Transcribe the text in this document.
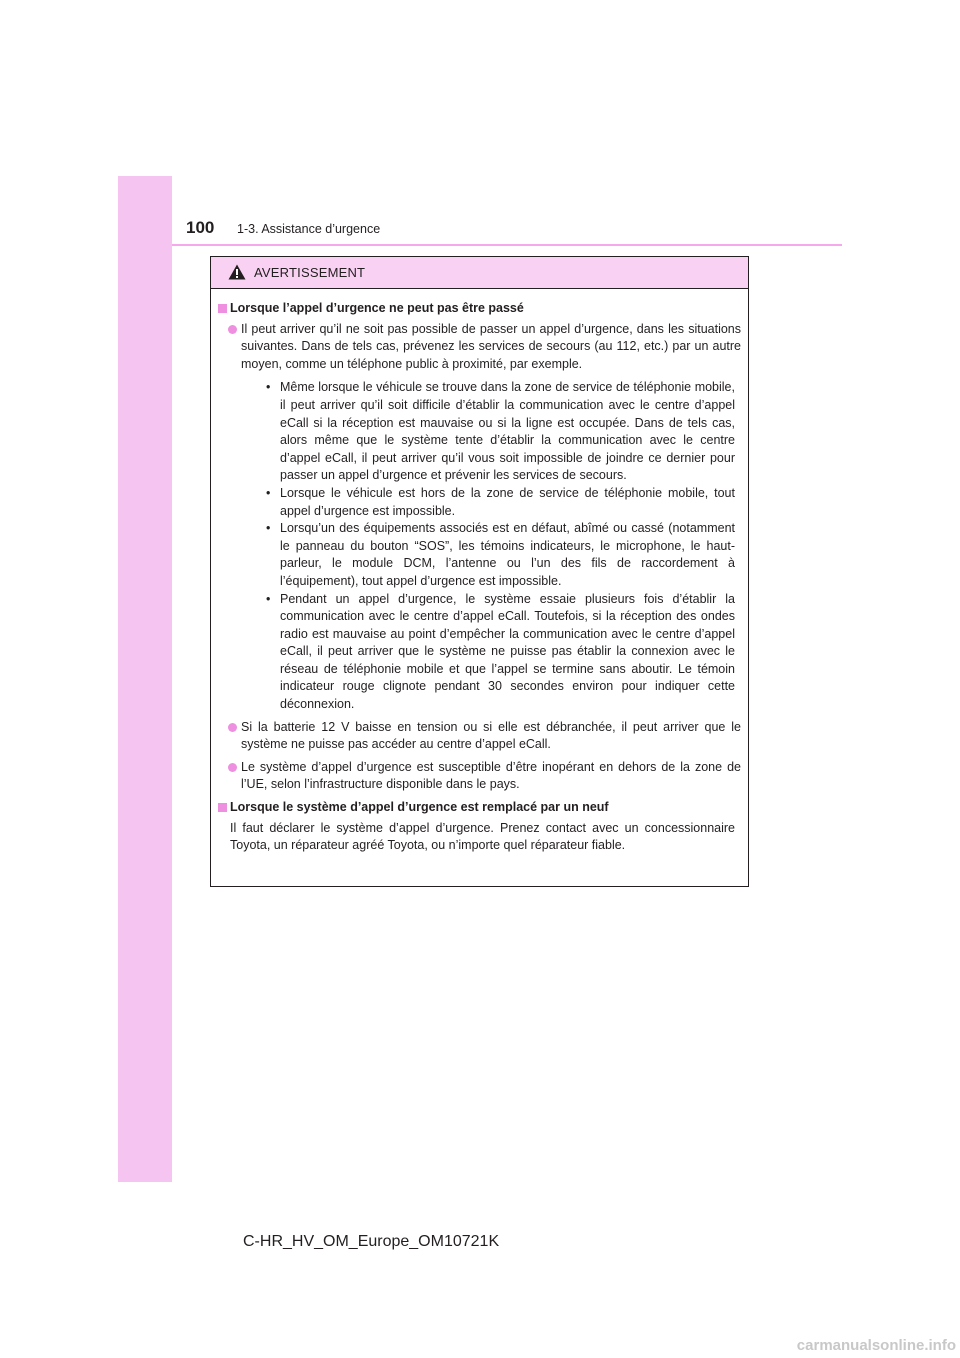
100 1-3. Assistance d’urgence
AVERTISSEMENT
Lorsque l’appel d’urgence ne peut pas être passé
Il peut arriver qu’il ne soit pas possible de passer un appel d’urgence, dans les situations suivantes. Dans de tels cas, prévenez les services de secours (au 112, etc.) par un autre moyen, comme un téléphone public à proximité, par exemple.
• Même lorsque le véhicule se trouve dans la zone de service de téléphonie mobile, il peut arriver qu’il soit difficile d’établir la communication avec le centre d’appel eCall si la réception est mauvaise ou si la ligne est occupée. Dans de tels cas, alors même que le système tente d’établir la communication avec le centre d’appel eCall, il peut arriver qu’il vous soit impossible de joindre ce dernier pour passer un appel d’urgence et prévenir les services de secours.
• Lorsque le véhicule est hors de la zone de service de téléphonie mobile, tout appel d’urgence est impossible.
• Lorsqu’un des équipements associés est en défaut, abîmé ou cassé (notamment le panneau du bouton “SOS”, les témoins indicateurs, le microphone, le haut-parleur, le module DCM, l’antenne ou l’un des fils de raccordement à l’équipement), tout appel d’urgence est impossible.
• Pendant un appel d’urgence, le système essaie plusieurs fois d’établir la communication avec le centre d’appel eCall. Toutefois, si la réception des ondes radio est mauvaise au point d’empêcher la communication avec le centre d’appel eCall, il peut arriver que le système ne puisse pas établir la connexion avec le réseau de téléphonie mobile et que l’appel se termine sans aboutir. Le témoin indicateur rouge clignote pendant 30 secondes environ pour indiquer cette déconnexion.
Si la batterie 12 V baisse en tension ou si elle est débranchée, il peut arriver que le système ne puisse pas accéder au centre d’appel eCall.
Le système d’appel d’urgence est susceptible d’être inopérant en dehors de la zone de l’UE, selon l’infrastructure disponible dans le pays.
Lorsque le système d’appel d’urgence est remplacé par un neuf
Il faut déclarer le système d’appel d’urgence. Prenez contact avec un concessionnaire Toyota, un réparateur agréé Toyota, ou n’importe quel réparateur fiable.
C-HR_HV_OM_Europe_OM10721K
carmanualsonline.info
